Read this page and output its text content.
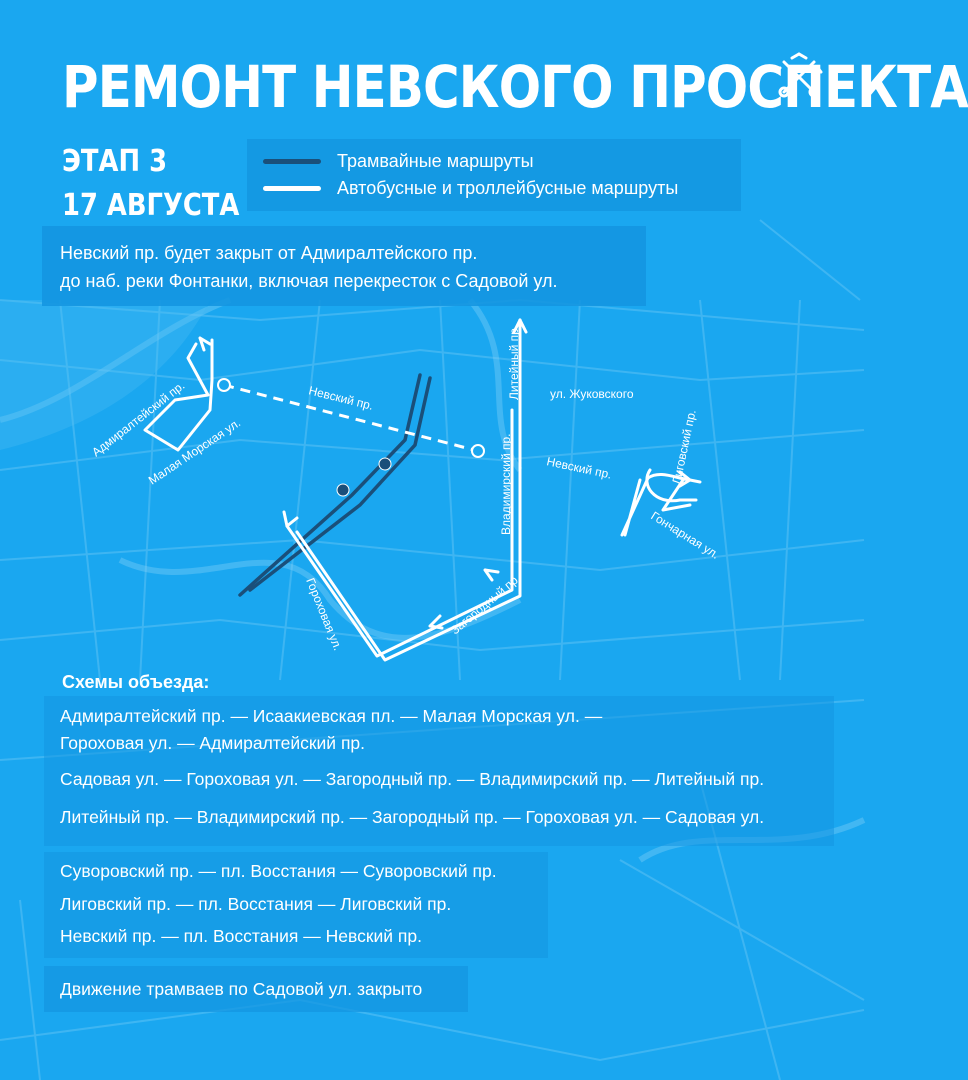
РЕМОНТ НЕВСКОГО ПРОСПЕКТА
ЭТАП 3
17 АВГУСТА
Трамвайные маршруты
Автобусные и троллейбусные маршруты
Невский пр. будет закрыт от Адмиралтейского пр.
до наб. реки Фонтанки, включая перекресток с Садовой ул.
Адмиралтейский пр.
Малая Морская ул.
Невский пр.	Литейный пр. ул. Жуковского
Владимирский пр.	Невский пр.	Лиговский пр.
Гончарная ул.
Загородный пр.
Гороховая ул.
Схемы объезда:
Адмиралтейский пр. — Исаакиевская пл. — Малая Морская ул. —
Гороховая ул. — Адмиралтейский пр.
Садовая ул. — Гороховая ул. — Загородный пр. — Владимирский пр. — Литейный пр.
Литейный пр. — Владимирский пр. — Загородный пр. — Гороховая ул. — Садовая ул.
Суворовский пр. — пл. Восстания — Суворовский пр.
Лиговский пр. — пл. Восстания — Лиговский пр.
Невский пр. — пл. Восстания — Невский пр.
Движение трамваев по Садовой ул. закрыто
